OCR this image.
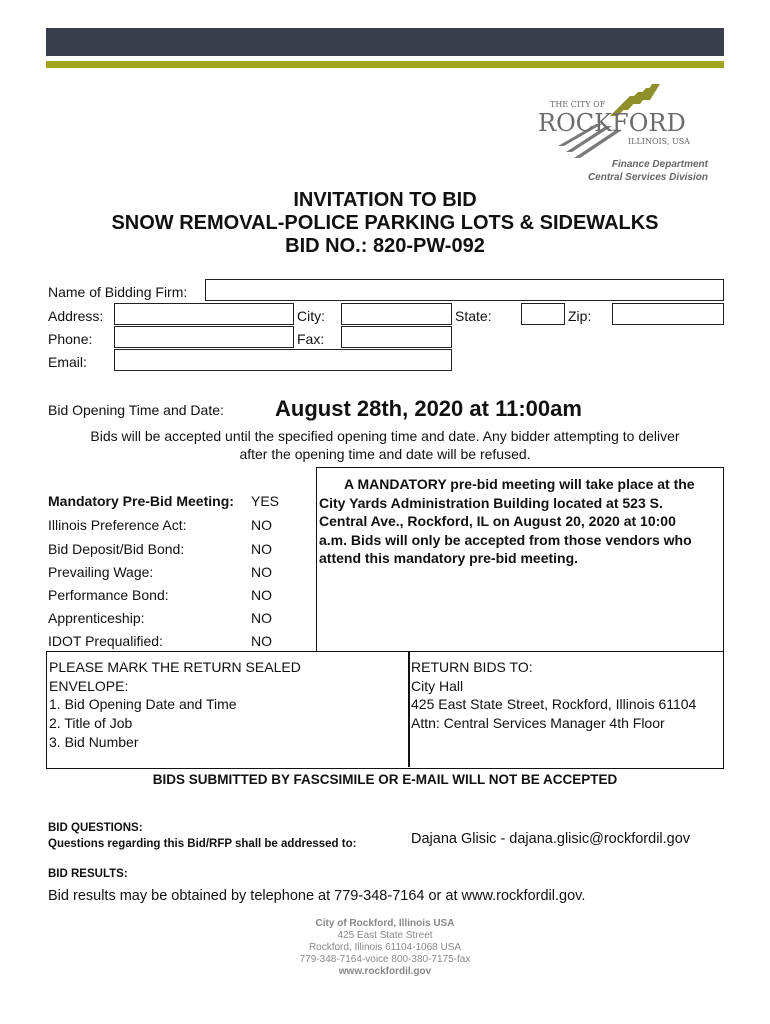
THE CITY OF
ROCKFORD
ILLINOIS, USA
Finance Department
Central Services Division
INVITATION TO BID
SNOW REMOVAL-POLICE PARKING LOTS & SIDEWALKS
BID NO.: 820-PW-092
Name of Bidding Firm:
Address:	City:	State:	Zip:
Phone:	Fax:
Email:
Bid Opening Time and Date: August 28th, 2020 at 11:00am
Bids will be accepted until the specified opening time and date. Any bidder attempting to deliver
after the opening time and date will be refused.
Mandatory Pre-Bid Meeting: YES
Illinois Preference Act:	NO
Bid Deposit/Bid Bond:	NO
Prevailing Wage:	NO
Performance Bond:	NO
Apprenticeship:	NO
IDOT Prequalified:	NO
A MANDATORY pre-bid meeting will take place at the
City Yards Administration Building located at 523 S.
Central Ave., Rockford, IL on August 20, 2020 at 10:00
a.m. Bids will only be accepted from those vendors who
attend this mandatory pre-bid meeting.
PLEASE MARK THE RETURN SEALED
ENVELOPE:
1. Bid Opening Date and Time
2. Title of Job
3. Bid Number
RETURN BIDS TO:
City Hall
425 East State Street, Rockford, Illinois 61104
Attn: Central Services Manager 4th Floor
BIDS SUBMITTED BY FASCSIMILE OR E-MAIL WILL NOT BE ACCEPTED
BID QUESTIONS:
Questions regarding this Bid/RFP shall be addressed to:	Dajana Glisic - dajana.glisic@rockfordil.gov
BID RESULTS:
Bid results may be obtained by telephone at 779-348-7164 or at www.rockfordil.gov.
City of Rockford, Illinois USA
425 East State Street
Rockford, Illinois 61104-1068 USA
779-348-7164-voice 800-380-7175-fax
www.rockfordil.gov
